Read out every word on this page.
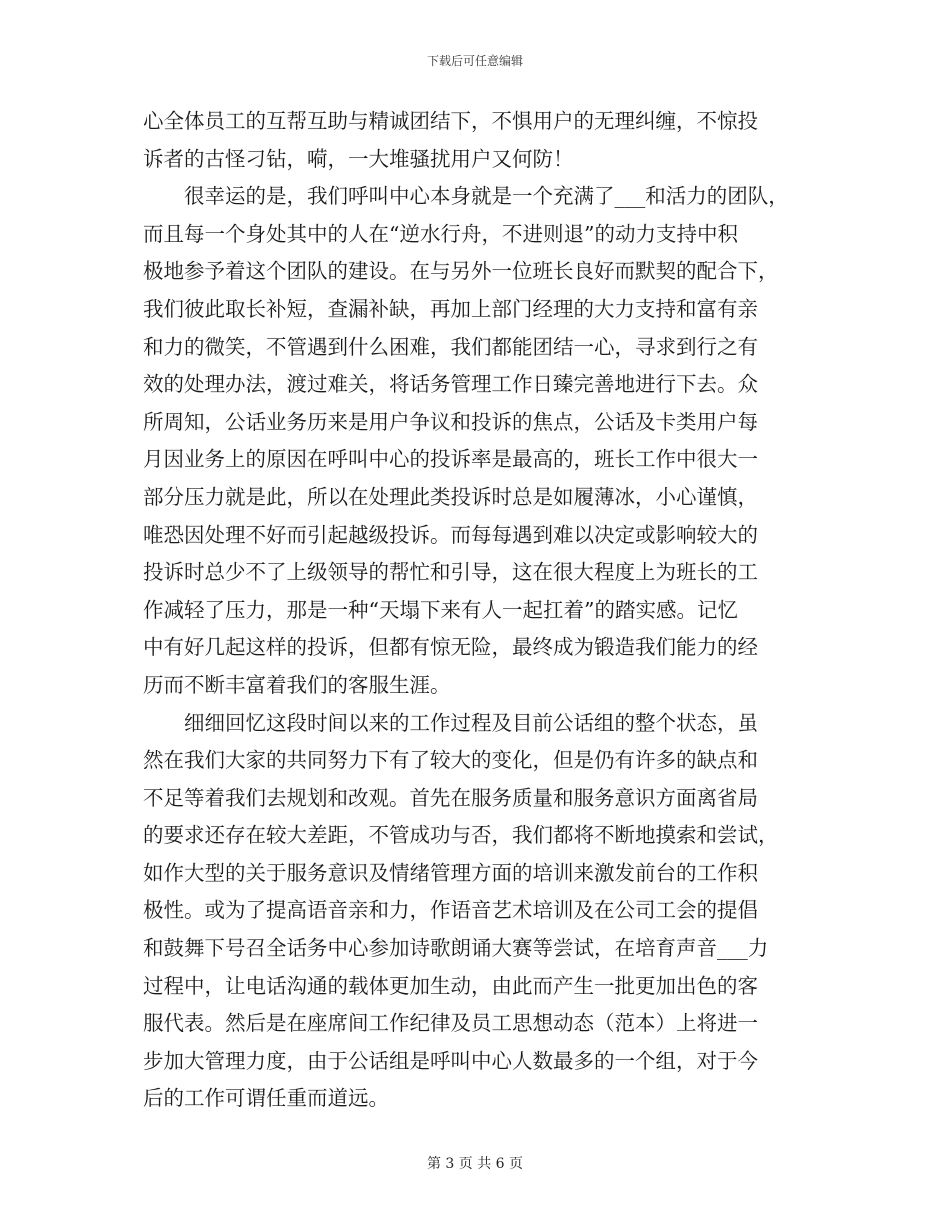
下载后可任意编辑
心全体员工的互帮互助与精诚团结下，不惧用户的无理纠缠，不惊投
诉者的古怪刁钻，嗬，一大堆骚扰用户又何防！
　　很幸运的是，我们呼叫中心本身就是一个充满了___和活力的团队，
而且每一个身处其中的人在“逆水行舟，不进则退”的动力支持中积
极地参予着这个团队的建设。在与另外一位班长良好而默契的配合下，
我们彼此取长补短，查漏补缺，再加上部门经理的大力支持和富有亲
和力的微笑，不管遇到什么困难，我们都能团结一心，寻求到行之有
效的处理办法，渡过难关，将话务管理工作日臻完善地进行下去。众
所周知，公话业务历来是用户争议和投诉的焦点，公话及卡类用户每
月因业务上的原因在呼叫中心的投诉率是最高的，班长工作中很大一
部分压力就是此，所以在处理此类投诉时总是如履薄冰，小心谨慎，
唯恐因处理不好而引起越级投诉。而每每遇到难以决定或影响较大的
投诉时总少不了上级领导的帮忙和引导，这在很大程度上为班长的工
作减轻了压力，那是一种“天塌下来有人一起扛着”的踏实感。记忆
中有好几起这样的投诉，但都有惊无险，最终成为锻造我们能力的经
历而不断丰富着我们的客服生涯。
　　细细回忆这段时间以来的工作过程及目前公话组的整个状态，虽
然在我们大家的共同努力下有了较大的变化，但是仍有许多的缺点和
不足等着我们去规划和改观。首先在服务质量和服务意识方面离省局
的要求还存在较大差距，不管成功与否，我们都将不断地摸索和尝试，
如作大型的关于服务意识及情绪管理方面的培训来激发前台的工作积
极性。或为了提高语音亲和力，作语音艺术培训及在公司工会的提倡
和鼓舞下号召全话务中心参加诗歌朗诵大赛等尝试，在培育声音___力
过程中，让电话沟通的载体更加生动，由此而产生一批更加出色的客
服代表。然后是在座席间工作纪律及员工思想动态（范本）上将进一
步加大管理力度，由于公话组是呼叫中心人数最多的一个组，对于今
后的工作可谓任重而道远。
第 3 页 共 6 页
